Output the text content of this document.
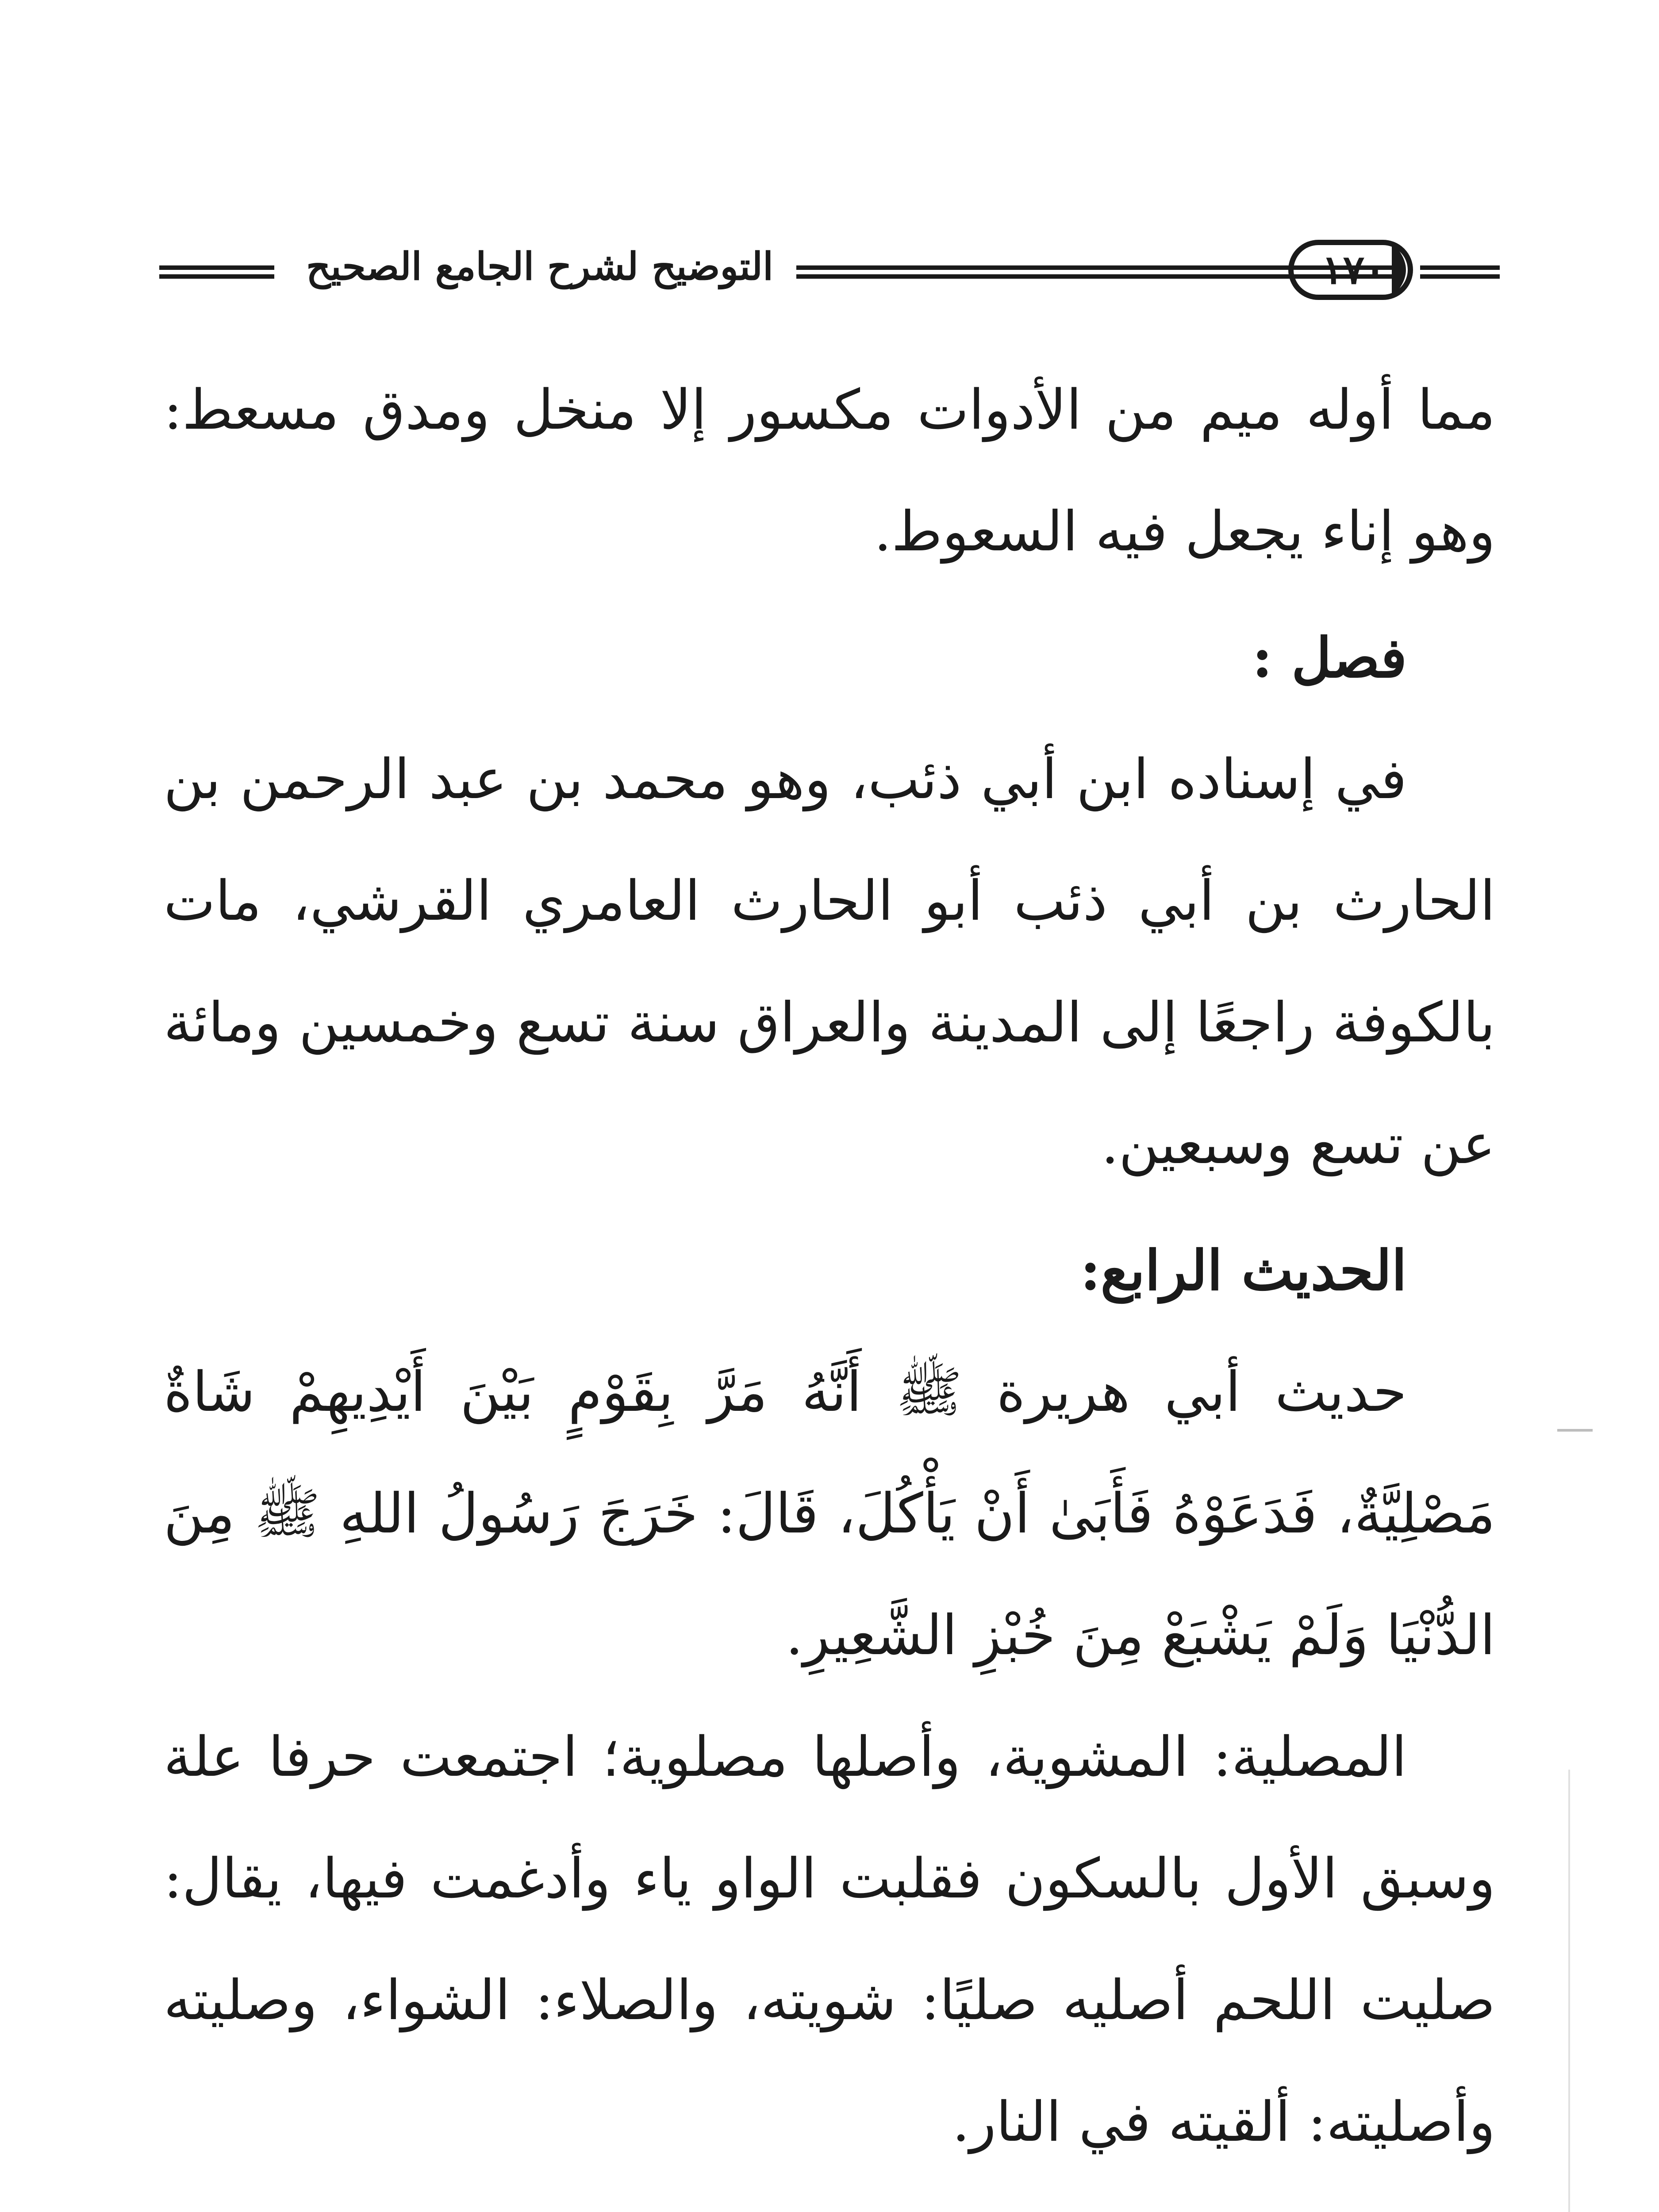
التوضيح لشرح الجامع الصحيح	١٧٠

مما أوله ميم من الأدوات مكسور إلا منخل ومدق مسعط: وهو إناء يجعل فيه السعوط.

فصل :

في إسناده ابن أبي ذئب، وهو محمد بن عبد الرحمن بن الحارث بن أبي ذئب أبو الحارث العامري القرشي، مات بالكوفة راجعًا إلى المدينة والعراق سنة تسع وخمسين ومائة عن تسع وسبعين.

الحديث الرابع:

حديث أبي هريرة ﷺ أَنَّهُ مَرَّ بِقَوْمٍ بَيْنَ أَيْدِيهِمْ شَاةٌ مَصْلِيَّةٌ، فَدَعَوْهُ فَأَبَىٰ أَنْ يَأْكُلَ، قَالَ: خَرَجَ رَسُولُ اللهِ ﷺ مِنَ الدُّنْيَا وَلَمْ يَشْبَعْ مِنَ خُبْزِ الشَّعِيرِ.

المصلية: المشوية، وأصلها مصلوية؛ اجتمعت حرفا علة وسبق الأول بالسكون فقلبت الواو ياء وأدغمت فيها، يقال: صليت اللحم أصليه صليًا: شويته، والصلاء: الشواء، وصليته وأصليته: ألقيته في النار.
